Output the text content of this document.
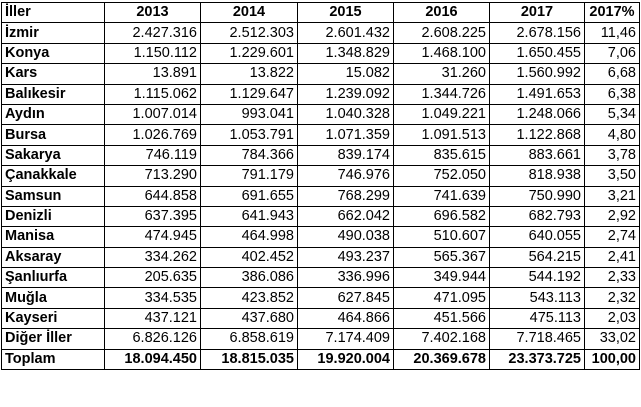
İller	2013	2014	2015	2016	2017	2017%
İzmir	2.427.316	2.512.303	2.601.432	2.608.225	2.678.156	11,46
Konya	1.150.112	1.229.601	1.348.829	1.468.100	1.650.455	7,06
Kars	13.891	13.822	15.082	31.260	1.560.992	6,68
Balıkesir	1.115.062	1.129.647	1.239.092	1.344.726	1.491.653	6,38
Aydın	1.007.014	993.041	1.040.328	1.049.221	1.248.066	5,34
Bursa	1.026.769	1.053.791	1.071.359	1.091.513	1.122.868	4,80
Sakarya	746.119	784.366	839.174	835.615	883.661	3,78
Çanakkale	713.290	791.179	746.976	752.050	818.938	3,50
Samsun	644.858	691.655	768.299	741.639	750.990	3,21
Denizli	637.395	641.943	662.042	696.582	682.793	2,92
Manisa	474.945	464.998	490.038	510.607	640.055	2,74
Aksaray	334.262	402.452	493.237	565.367	564.215	2,41
Şanlıurfa	205.635	386.086	336.996	349.944	544.192	2,33
Muğla	334.535	423.852	627.845	471.095	543.113	2,32
Kayseri	437.121	437.680	464.866	451.566	475.113	2,03
Diğer İller	6.826.126	6.858.619	7.174.409	7.402.168	7.718.465	33,02
Toplam	18.094.450	18.815.035	19.920.004	20.369.678	23.373.725	100,00
